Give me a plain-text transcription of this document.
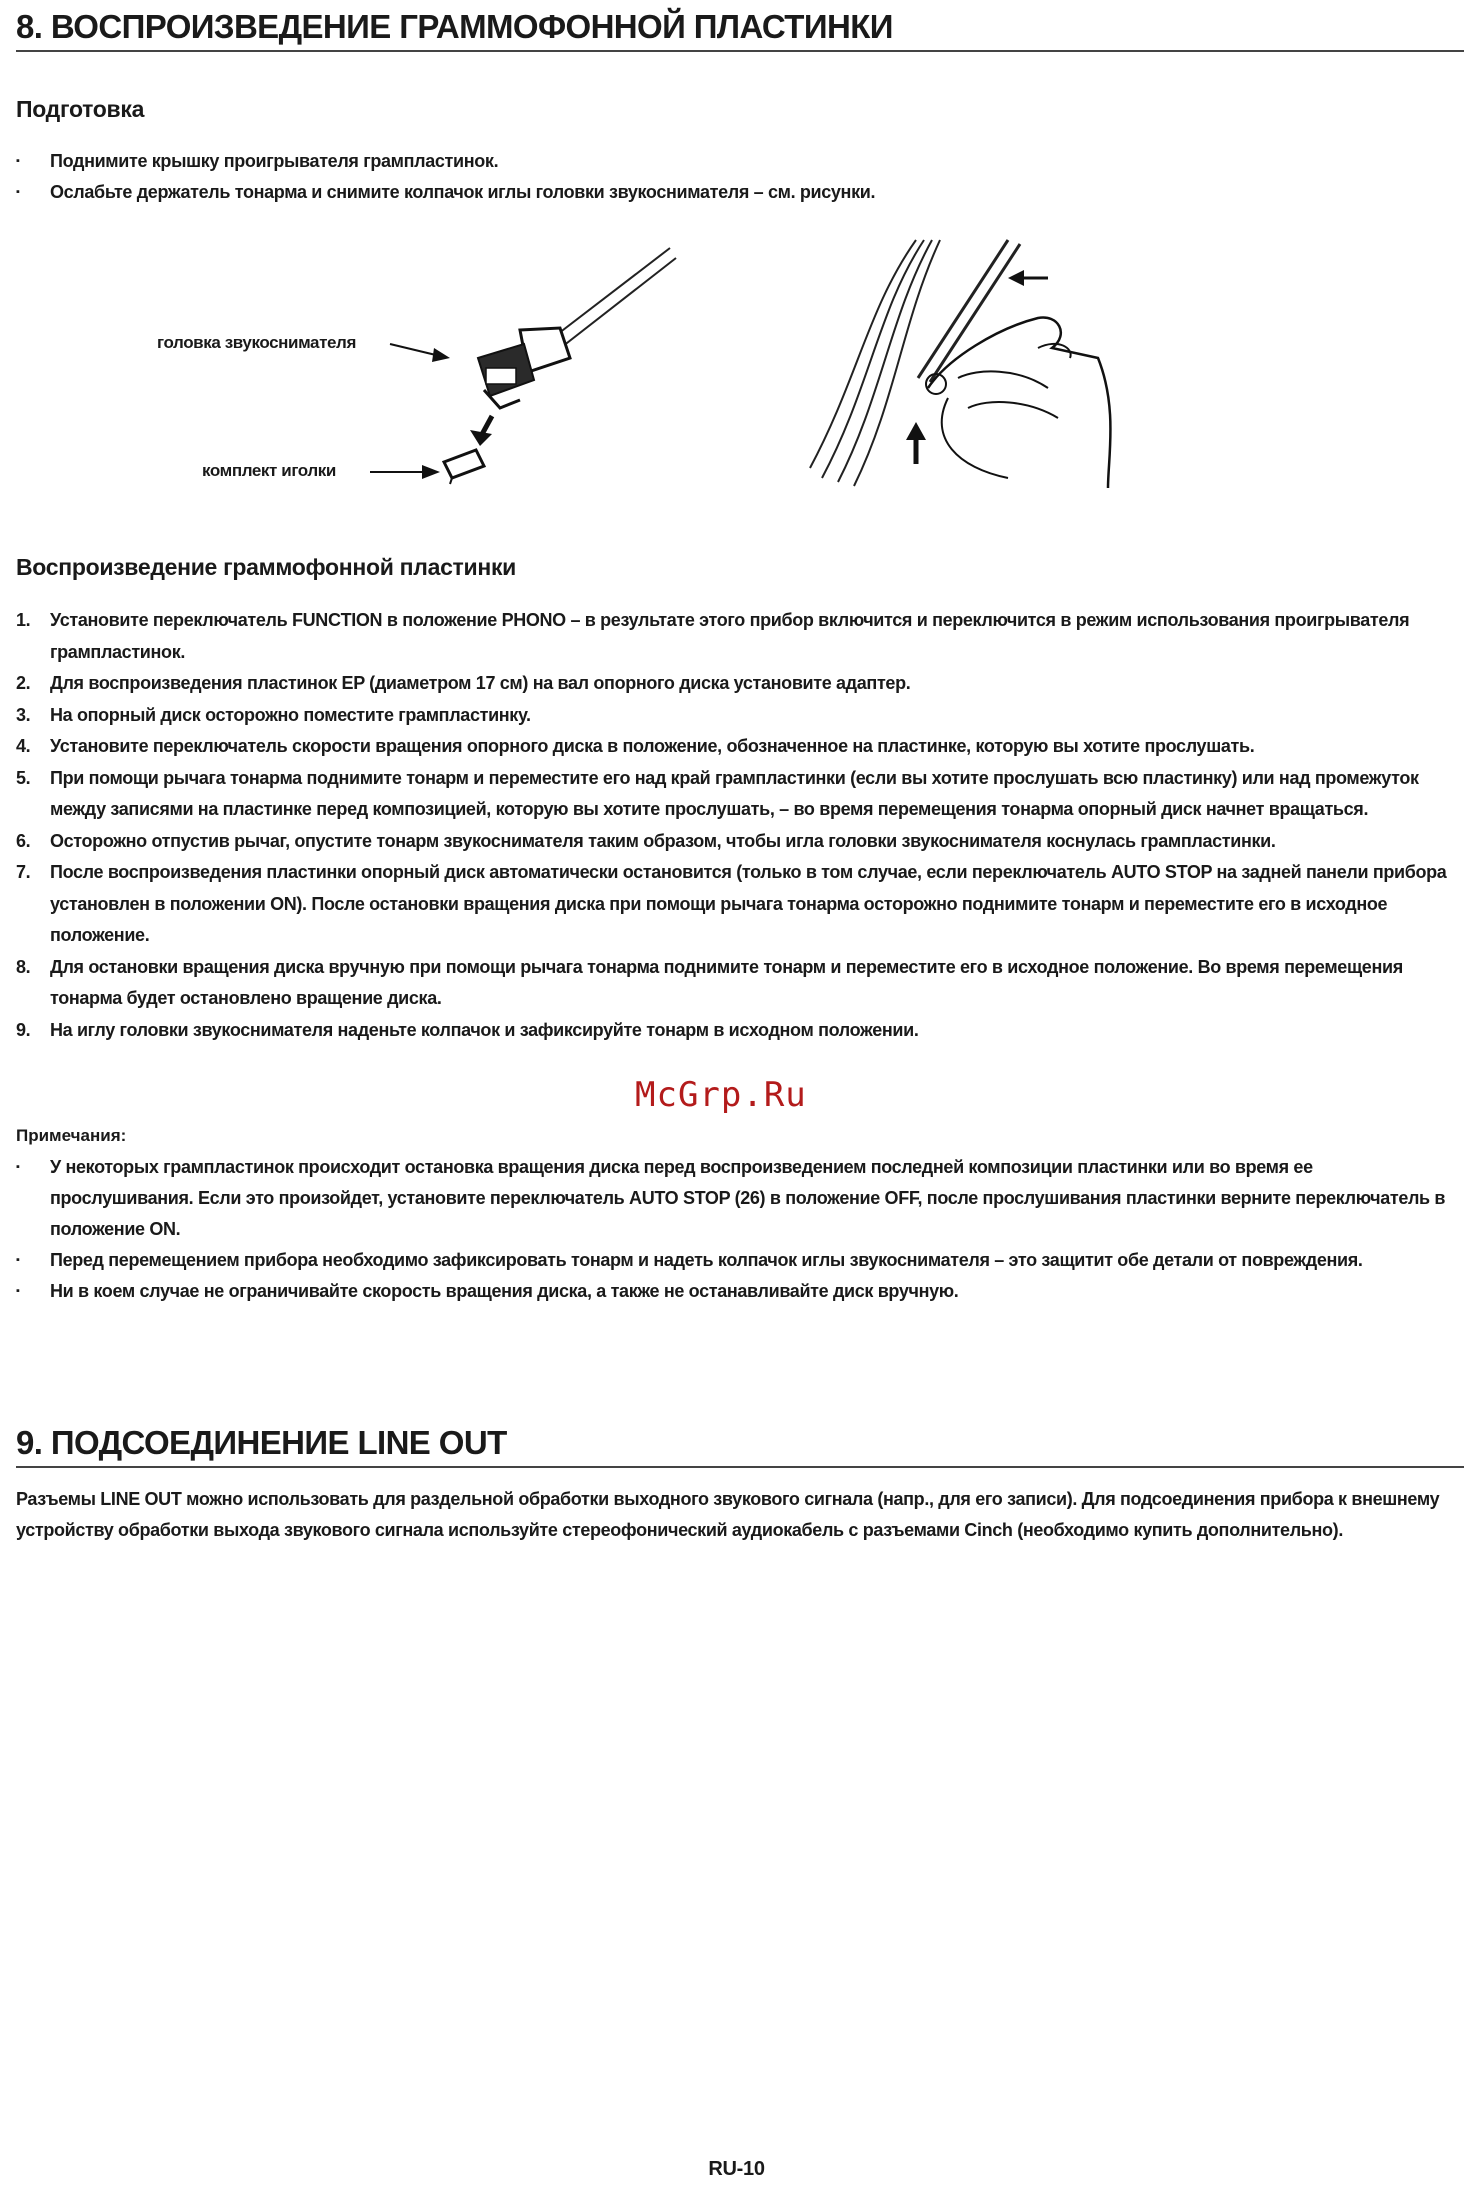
8. ВОСПРОИЗВЕДЕНИЕ ГРАММОФОННОЙ ПЛАСТИНКИ
Подготовка
▪ Поднимите крышку проигрывателя грампластинок.
▪ Ослабьте держатель тонарма и снимите колпачок иглы головки звукоснимателя – см. рисунки.
головка звукоснимателя
комплект иголки
Воспроизведение граммофонной пластинки
1. Установите переключатель FUNCTION в положение PHONO – в результате этого прибор включится и переключится в режим использования проигрывателя грампластинок.
2. Для воспроизведения пластинок EP (диаметром 17 см) на вал опорного диска установите адаптер.
3. На опорный диск осторожно поместите грампластинку.
4. Установите переключатель скорости вращения опорного диска в положение, обозначенное на пластинке, которую вы хотите прослушать.
5. При помощи рычага тонарма поднимите тонарм и переместите его над край грампластинки (если вы хотите прослушать всю пластинку) или над промежуток между записями на пластинке перед композицией, которую вы хотите прослушать, – во время перемещения тонарма опорный диск начнет вращаться.
6. Осторожно отпустив рычаг, опустите тонарм звукоснимателя таким образом, чтобы игла головки звукоснимателя коснулась грампластинки.
7. После воспроизведения пластинки опорный диск автоматически остановится (только в том случае, если переключатель AUTO STOP на задней панели прибора установлен в положении ON). После остановки вращения диска при помощи рычага тонарма осторожно поднимите тонарм и переместите его в исходное положение.
8. Для остановки вращения диска вручную при помощи рычага тонарма поднимите тонарм и переместите его в исходное положение. Во время перемещения тонарма будет остановлено вращение диска.
9. На иглу головки звукоснимателя наденьте колпачок и зафиксируйте тонарм в исходном положении.
McGrp.Ru
Примечания:
▪ У некоторых грампластинок происходит остановка вращения диска перед воспроизведением последней композиции пластинки или во время ее прослушивания. Если это произойдет, установите переключатель AUTO STOP (26) в положение OFF, после прослушивания пластинки верните переключатель в положение ON.
▪ Перед перемещением прибора необходимо зафиксировать тонарм и надеть колпачок иглы звукоснимателя – это защитит обе детали от повреждения.
▪ Ни в коем случае не ограничивайте скорость вращения диска, а также не останавливайте диск вручную.
9. ПОДСОЕДИНЕНИЕ LINE OUT
Разъемы LINE OUT можно использовать для раздельной обработки выходного звукового сигнала (напр., для его записи). Для подсоединения прибора к внешнему устройству обработки выхода звукового сигнала используйте стереофонический аудиокабель с разъемами Cinch (необходимо купить дополнительно).
RU-10
